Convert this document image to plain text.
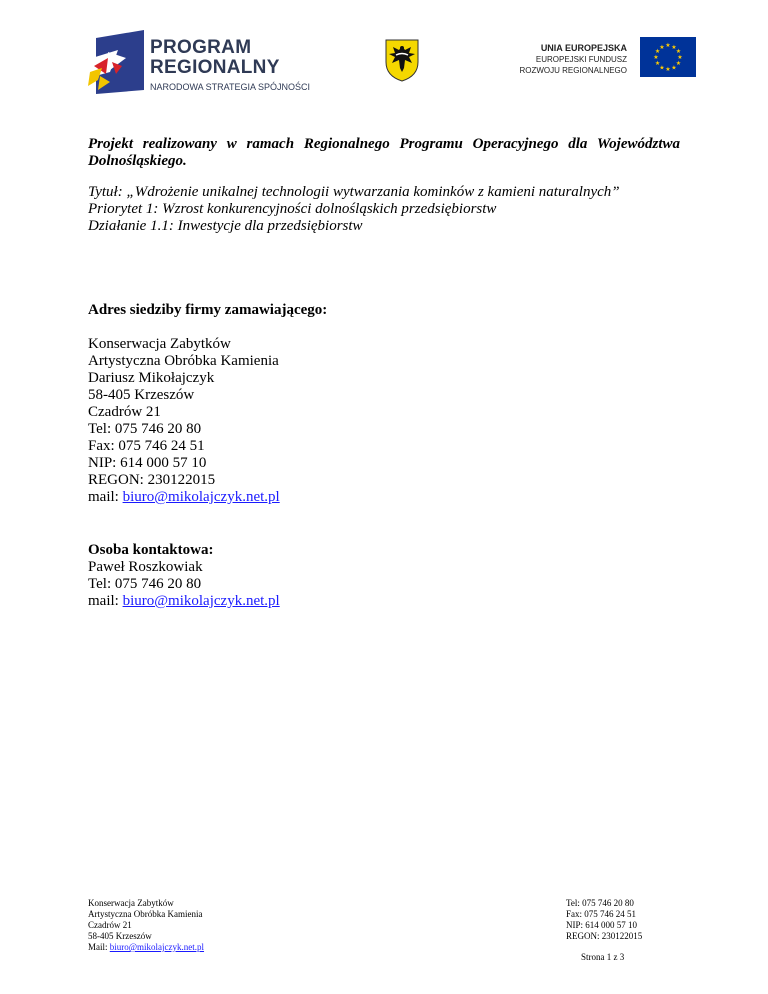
PROGRAM
REGIONALNY
NARODOWA STRATEGIA SPÓJNOŚCI
UNIA EUROPEJSKA
EUROPEJSKI FUNDUSZ
ROZWOJU REGIONALNEGO
★ ★
★
★
★
★
★
★
★
★
★
★

Projekt realizowany w ramach Regionalnego Programu Operacyjnego dla Województwa Dolnośląskiego.

Tytuł: „Wdrożenie unikalnej technologii wytwarzania kominków z kamieni naturalnych”
Priorytet 1: Wzrost konkurencyjności dolnośląskich przedsiębiorstw
Działanie 1.1: Inwestycje dla przedsiębiorstw
Adres siedziby firmy zamawiającego:
Konserwacja Zabytków
Artystyczna Obróbka Kamienia
Dariusz Mikołajczyk
58-405 Krzeszów
Czadrów 21
Tel: 075 746 20 80
Fax: 075 746 24 51
NIP: 614 000 57 10
REGON: 230122015
mail: biuro@mikolajczyk.net.pl
Osoba kontaktowa:
Paweł Roszkowiak
Tel: 075 746 20 80
mail: biuro@mikolajczyk.net.pl
Konserwacja Zabytków
Artystyczna Obróbka Kamienia
Czadrów 21
58-405 Krzeszów
Mail: biuro@mikolajczyk.net.pl
Tel: 075 746 20 80
Fax: 075 746 24 51
NIP: 614 000 57 10
REGON: 230122015
Strona 1 z 3
